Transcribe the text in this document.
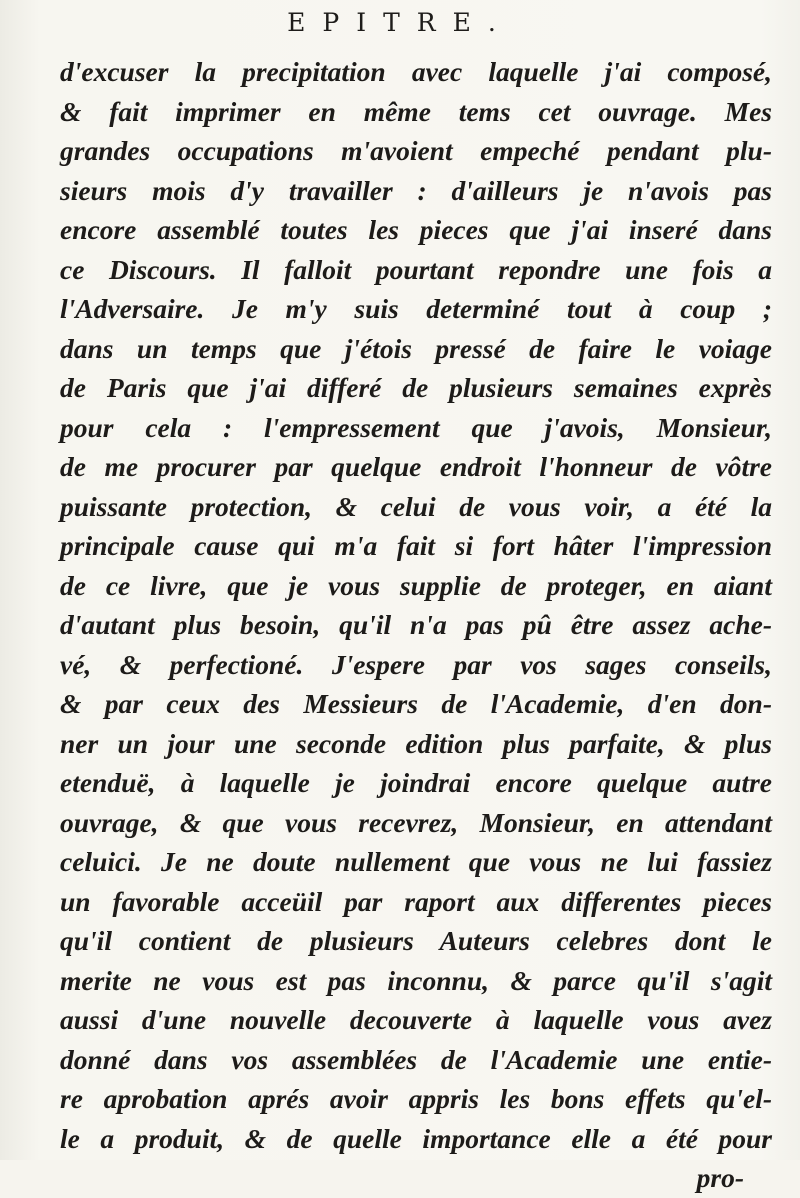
EPITRE.
d'excuser la precipitation avec laquelle j'ai composé,
& fait imprimer en même tems cet ouvrage. Mes
grandes occupations m'avoient empeché pendant plu-
sieurs mois d'y travailler : d'ailleurs je n'avois pas
encore assemblé toutes les pieces que j'ai inseré dans
ce Discours. Il falloit pourtant repondre une fois a
l'Adversaire. Je m'y suis determiné tout à coup ;
dans un temps que j'étois pressé de faire le voiage
de Paris que j'ai differé de plusieurs semaines exprès
pour cela : l'empressement que j'avois, Monsieur,
de me procurer par quelque endroit l'honneur de vôtre
puissante protection, & celui de vous voir, a été la
principale cause qui m'a fait si fort hâter l'impression
de ce livre, que je vous supplie de proteger, en aiant
d'autant plus besoin, qu'il n'a pas pû être assez ache-
vé, & perfectioné. J'espere par vos sages conseils,
& par ceux des Messieurs de l'Academie, d'en don-
ner un jour une seconde edition plus parfaite, & plus
etenduë, à laquelle je joindrai encore quelque autre
ouvrage, & que vous recevrez, Monsieur, en attendant
celuici. Je ne doute nullement que vous ne lui fassiez
un favorable acceüil par raport aux differentes pieces
qu'il contient de plusieurs Auteurs celebres dont le
merite ne vous est pas inconnu, & parce qu'il s'agit
aussi d'une nouvelle decouverte à laquelle vous avez
donné dans vos assemblées de l'Academie une entie-
re aprobation aprés avoir appris les bons effets qu'el-
le a produit, & de quelle importance elle a été pour
pro-
